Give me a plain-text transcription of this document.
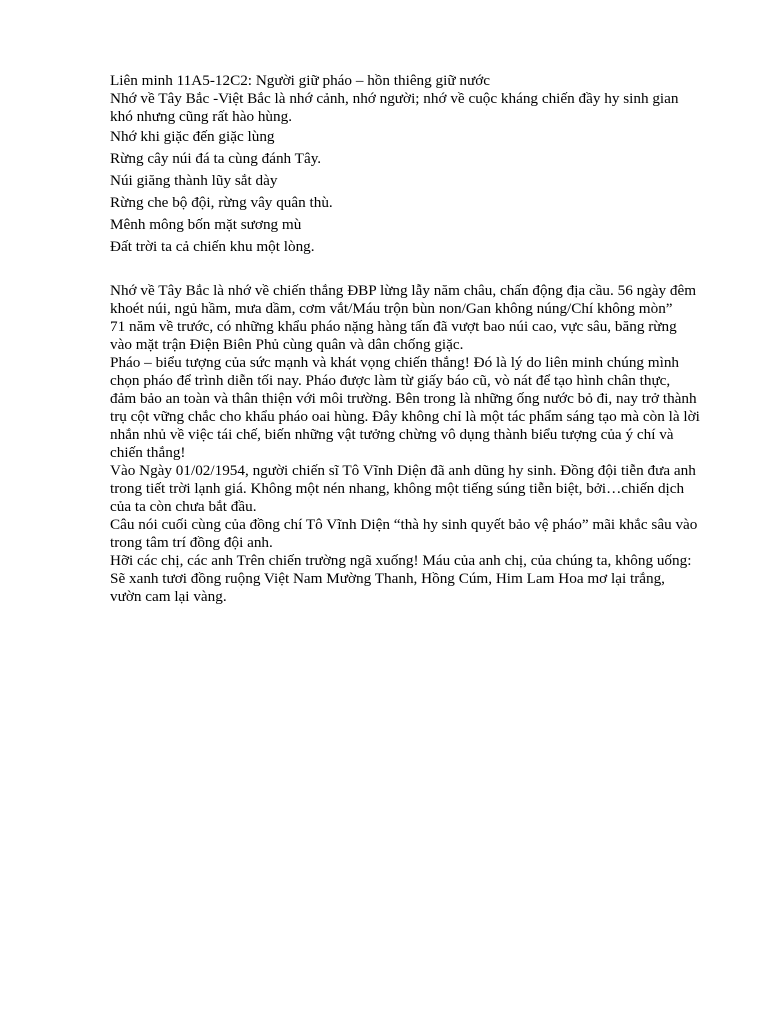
Liên minh 11A5-12C2: Người giữ pháo – hồn thiêng giữ nước

Nhớ về Tây Bắc -Việt Bắc là nhớ cảnh, nhớ người; nhớ về cuộc kháng chiến đầy hy sinh gian khó nhưng cũng rất hào hùng.

Nhớ khi giặc đến giặc lùng
Rừng cây núi đá ta cùng đánh Tây.
Núi giăng thành lũy sắt dày
Rừng che bộ đội, rừng vây quân thù.
Mênh mông bốn mặt sương mù
Đất trời ta cả chiến khu một lòng.

Nhớ về Tây Bắc là nhớ về chiến thắng ĐBP lừng lẫy năm châu, chấn động địa cầu. 56 ngày đêm khoét núi, ngủ hầm, mưa dầm, cơm vắt/Máu trộn bùn non/Gan không núng/Chí không mòn”

71 năm về trước, có những khẩu pháo nặng hàng tấn đã vượt bao núi cao, vực sâu, băng rừng vào mặt trận Điện Biên Phủ cùng quân và dân chống giặc.

Pháo – biểu tượng của sức mạnh và khát vọng chiến thắng! Đó là lý do liên minh chúng mình chọn pháo để trình diễn tối nay. Pháo được làm từ giấy báo cũ, vò nát để tạo hình chân thực, đảm bảo an toàn và thân thiện với môi trường. Bên trong là những ống nước bỏ đi, nay trở thành trụ cột vững chắc cho khẩu pháo oai hùng. Đây không chỉ là một tác phẩm sáng tạo mà còn là lời nhắn nhủ về việc tái chế, biến những vật tưởng chừng vô dụng thành biểu tượng của ý chí và chiến thắng!

Vào Ngày 01/02/1954, người chiến sĩ Tô Vĩnh Diện đã anh dũng hy sinh. Đồng đội tiễn đưa anh trong tiết trời lạnh giá. Không một nén nhang, không một tiếng súng tiễn biệt, bởi…chiến dịch của ta còn chưa bắt đầu.

Câu nói cuối cùng của đồng chí Tô Vĩnh Diện “thà hy sinh quyết bảo vệ pháo” mãi khắc sâu vào trong tâm trí đồng đội anh.

Hỡi các chị, các anh Trên chiến trường ngã xuống! Máu của anh chị, của chúng ta, không uống:

Sẽ xanh tươi đồng ruộng Việt Nam Mường Thanh, Hồng Cúm, Him Lam Hoa mơ lại trắng, vườn cam lại vàng.
